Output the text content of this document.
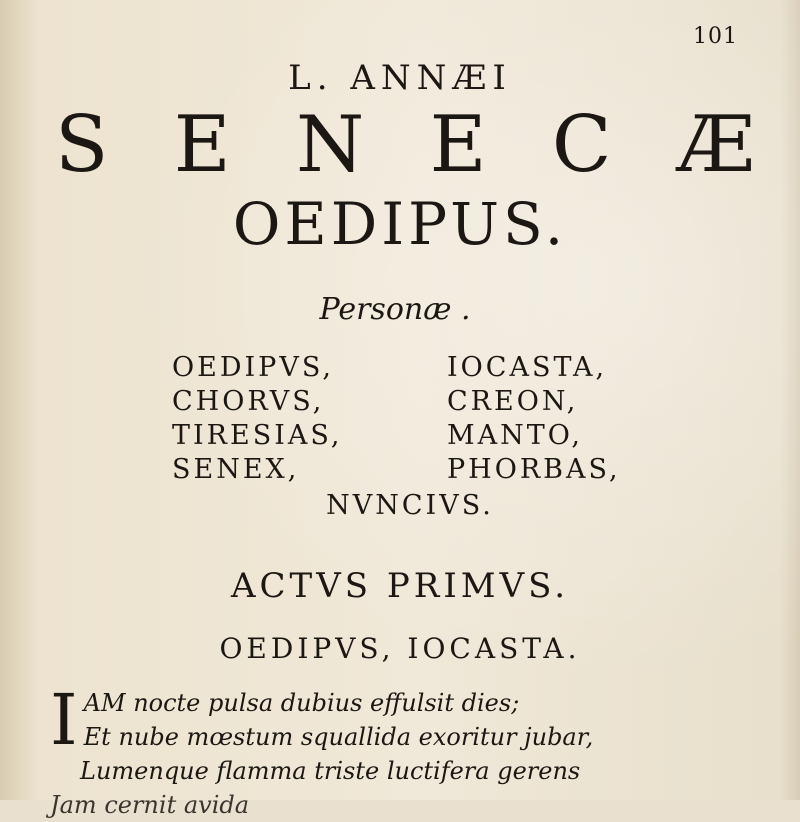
101
L. ANNÆI
S E N E C Æ
OEDIPUS.
Personæ .
OEDIPVS,	IOCASTA,
CHORVS,	CREON,
TIRESIAS,	MANTO,
SENEX,	PHORBAS,
NVNCIVS.
ACTVS PRIMVS.
OEDIPVS, IOCASTA.
I AM nocte pulsa dubius effulsit dies;
Et nube mœstum squallida exoritur jubar,
Lumenque flamma triste luctifera gerens
Jam cernit avida
